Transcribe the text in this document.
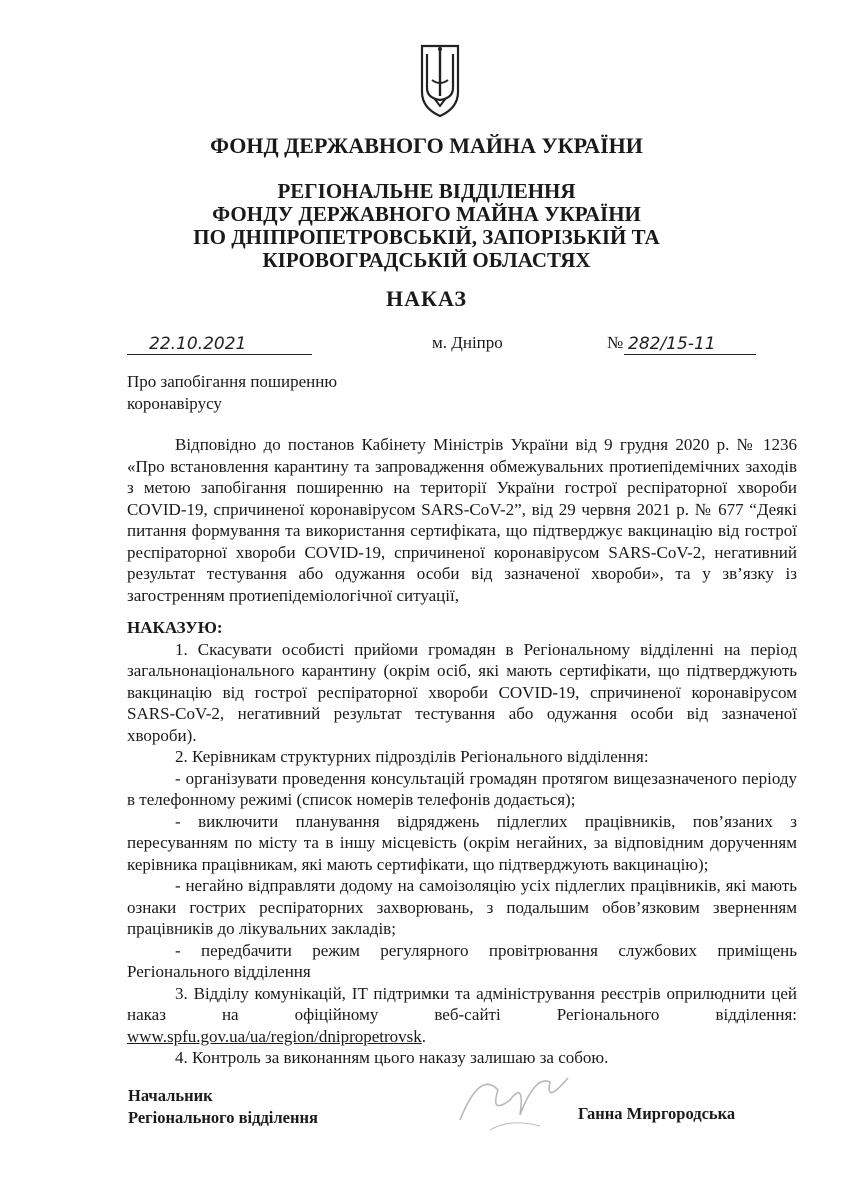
ФОНД ДЕРЖАВНОГО МАЙНА УКРАЇНИ
РЕГІОНАЛЬНЕ ВІДДІЛЕННЯ
ФОНДУ ДЕРЖАВНОГО МАЙНА УКРАЇНИ
ПО ДНІПРОПЕТРОВСЬКІЙ, ЗАПОРІЗЬКІЙ ТА
КІРОВОГРАДСЬКІЙ ОБЛАСТЯХ
НАКАЗ
22.10.2021	м. Дніпро	№ 282/15-11
Про запобігання поширенню
коронавірусу
Відповідно до постанов Кабінету Міністрів України від 9 грудня 2020 р. № 1236 «Про встановлення карантину та запровадження обмежувальних протиепідемічних заходів з метою запобігання поширенню на території України гострої респіраторної хвороби COVID-19, спричиненої коронавірусом SARS-CoV-2”, від 29 червня 2021 р. № 677 “Деякі питання формування та використання сертифіката, що підтверджує вакцинацію від гострої респіраторної хвороби COVID-19, спричиненої коронавірусом SARS-CoV-2, негативний результат тестування або одужання особи від зазначеної хвороби», та у зв’язку із загостренням протиепідеміологічної ситуації,

НАКАЗУЮ:

1. Скасувати особисті прийоми громадян в Регіональному відділенні на період загальнонаціонального карантину (окрім осіб, які мають сертифікати, що підтверджують вакцинацію від гострої респіраторної хвороби COVID-19, спричиненої коронавірусом SARS-CoV-2, негативний результат тестування або одужання особи від зазначеної хвороби).

2. Керівникам структурних підрозділів Регіонального відділення:

- організувати проведення консультацій громадян протягом вищезазначеного періоду в телефонному режимі (список номерів телефонів додається);

- виключити планування відряджень підлеглих працівників, пов’язаних з пересуванням по місту та в іншу місцевість (окрім негайних, за відповідним дорученням керівника працівникам, які мають сертифікати, що підтверджують вакцинацію);

- негайно відправляти додому на самоізоляцію усіх підлеглих працівників, які мають ознаки гострих респіраторних захворювань, з подальшим обов’язковим зверненням працівників до лікувальних закладів;

- передбачити режим регулярного провітрювання службових приміщень Регіонального відділення

3. Відділу комунікацій, IT підтримки та адміністрування реєстрів оприлюднити цей наказ на офіційному веб-сайті Регіонального відділення: www.spfu.gov.ua/ua/region/dnipropetrovsk.

4. Контроль за виконанням цього наказу залишаю за собою.

Начальник
Регіонального відділення	Ганна Миргородська
